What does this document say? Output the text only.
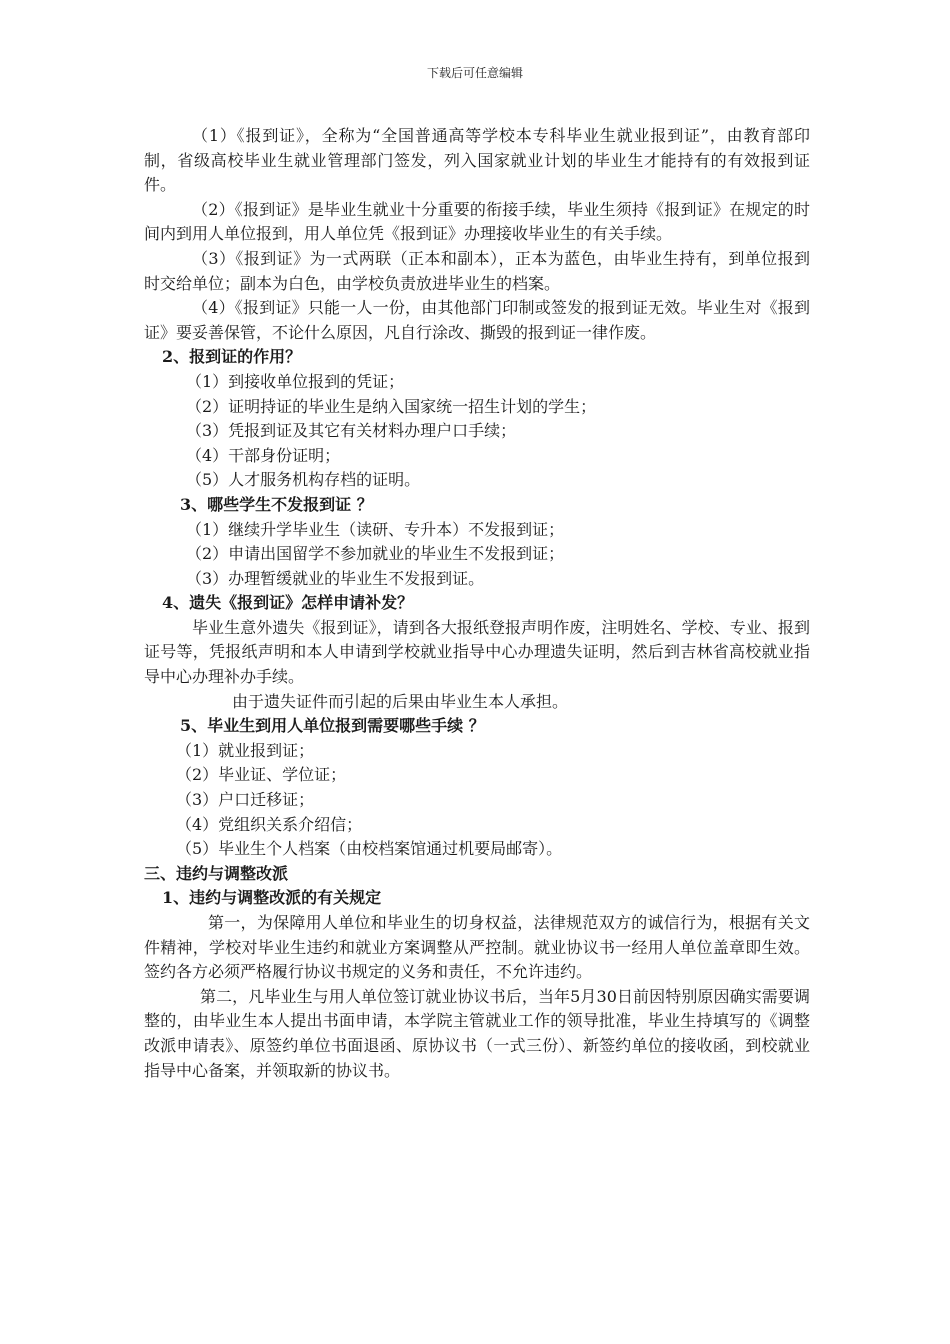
下载后可任意编辑

（1）《报到证》，全称为“全国普通高等学校本专科毕业生就业报到证”，由教育部印制，省级高校毕业生就业管理部门签发，列入国家就业计划的毕业生才能持有的有效报到证件。

（2）《报到证》是毕业生就业十分重要的衔接手续，毕业生须持《报到证》在规定的时间内到用人单位报到，用人单位凭《报到证》办理接收毕业生的有关手续。

（3）《报到证》为一式两联（正本和副本），正本为蓝色，由毕业生持有，到单位报到时交给单位；副本为白色，由学校负责放进毕业生的档案。

（4）《报到证》只能一人一份，由其他部门印制或签发的报到证无效。毕业生对《报到证》要妥善保管，不论什么原因，凡自行涂改、撕毁的报到证一律作废。

2、报到证的作用？

（1）到接收单位报到的凭证；

（2）证明持证的毕业生是纳入国家统一招生计划的学生；

（3）凭报到证及其它有关材料办理户口手续；

（4）干部身份证明；

（5）人才服务机构存档的证明。

3、哪些学生不发报到证 ？

（1）继续升学毕业生（读研、专升本）不发报到证；

（2）申请出国留学不参加就业的毕业生不发报到证；

（3）办理暂缓就业的毕业生不发报到证。

4、遗失《报到证》怎样申请补发？

毕业生意外遗失《报到证》，请到各大报纸登报声明作废，注明姓名、学校、专业、报到证号等，凭报纸声明和本人申请到学校就业指导中心办理遗失证明，然后到吉林省高校就业指导中心办理补办手续。

由于遗失证件而引起的后果由毕业生本人承担。

5、毕业生到用人单位报到需要哪些手续 ？

（1）就业报到证；

（2）毕业证、学位证；

（3）户口迁移证；

（4）党组织关系介绍信；

（5）毕业生个人档案（由校档案馆通过机要局邮寄）。

三、违约与调整改派

1、违约与调整改派的有关规定

第一，为保障用人单位和毕业生的切身权益，法律规范双方的诚信行为，根据有关文件精神，学校对毕业生违约和就业方案调整从严控制。就业协议书一经用人单位盖章即生效。签约各方必须严格履行协议书规定的义务和责任，不允许违约。

第二，凡毕业生与用人单位签订就业协议书后，当年5月30日前因特别原因确实需要调整的，由毕业生本人提出书面申请，本学院主管就业工作的领导批准，毕业生持填写的《调整改派申请表》、原签约单位书面退函、原协议书（一式三份）、新签约单位的接收函，到校就业指导中心备案，并领取新的协议书。
